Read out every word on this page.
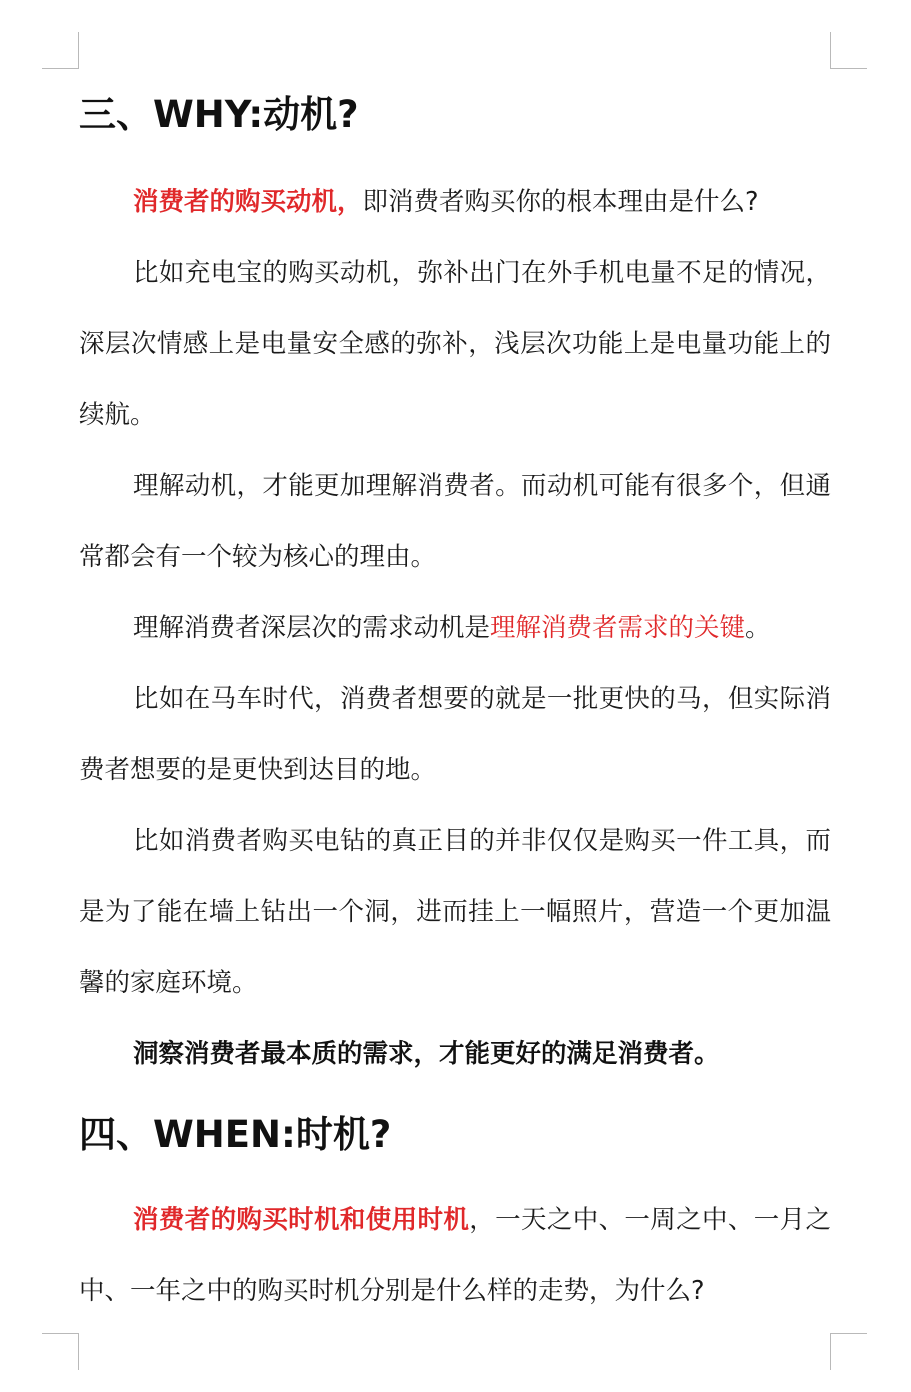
三、WHY:动机?

消费者的购买动机，即消费者购买你的根本理由是什么?

比如充电宝的购买动机，弥补出门在外手机电量不足的情况，深层次情感上是电量安全感的弥补，浅层次功能上是电量功能上的续航。

理解动机，才能更加理解消费者。而动机可能有很多个，但通常都会有一个较为核心的理由。

理解消费者深层次的需求动机是理解消费者需求的关键。

比如在马车时代，消费者想要的就是一批更快的马，但实际消费者想要的是更快到达目的地。

比如消费者购买电钻的真正目的并非仅仅是购买一件工具，而是为了能在墙上钻出一个洞，进而挂上一幅照片，营造一个更加温馨的家庭环境。

洞察消费者最本质的需求，才能更好的满足消费者。

四、WHEN:时机?

消费者的购买时机和使用时机，一天之中、一周之中、一月之中、一年之中的购买时机分别是什么样的走势，为什么?
